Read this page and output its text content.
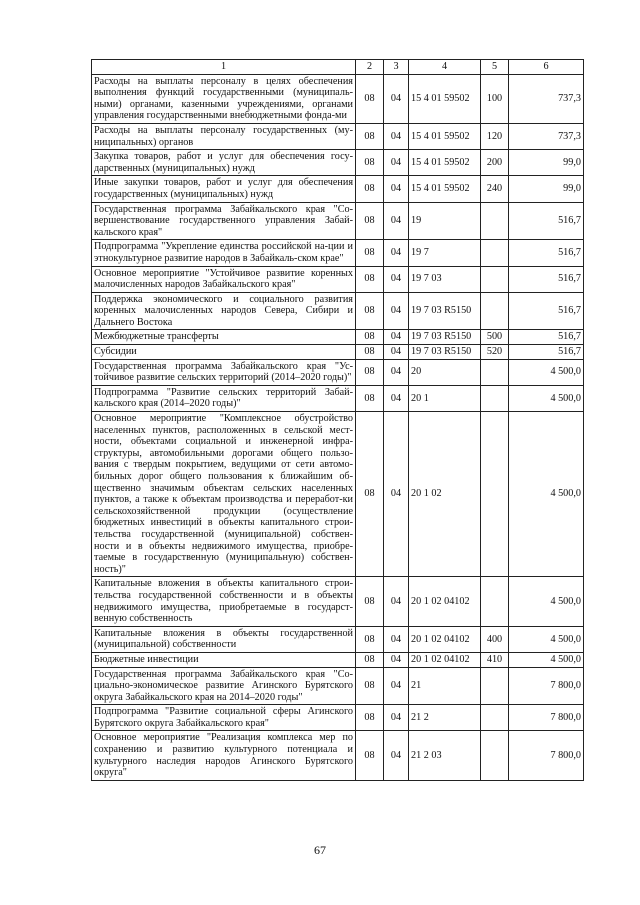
1	2	3	4	5	6
Расходы на выплаты персоналу в целях обеспечения выполнения функций государственными (муниципаль-ными) органами, казенными учреждениями, органами управления государственными внебюджетными фонда-ми	08	04	15 4 01 59502	100	737,3
Расходы на выплаты персоналу государственных (му-ниципальных) органов	08	04	15 4 01 59502	120	737,3
Закупка товаров, работ и услуг для обеспечения госу-дарственных (муниципальных) нужд	08	04	15 4 01 59502	200	99,0
Иные закупки товаров, работ и услуг для обеспечения государственных (муниципальных) нужд	08	04	15 4 01 59502	240	99,0
Государственная программа Забайкальского края "Со-вершенствование государственного управления Забай-кальского края"	08	04	19		516,7
Подпрограмма "Укрепление единства российской на-ции и этнокультурное развитие народов в Забайкаль-ском крае"	08	04	19 7		516,7
Основное мероприятие "Устойчивое развитие коренных малочисленных народов Забайкальского края"	08	04	19 7 03		516,7
Поддержка экономического и социального развития коренных малочисленных народов Севера, Сибири и Дальнего Востока	08	04	19 7 03 R5150		516,7
Межбюджетные трансферты	08	04	19 7 03 R5150	500	516,7
Субсидии	08	04	19 7 03 R5150	520	516,7
Государственная программа Забайкальского края "Ус-тойчивое развитие сельских территорий (2014–2020 годы)"	08	04	20		4 500,0
Подпрограмма "Развитие сельских территорий Забай-кальского края (2014–2020 годы)"	08	04	20 1		4 500,0
Основное мероприятие "Комплексное обустройство населенных пунктов, расположенных в сельской мест-ности, объектами социальной и инженерной инфра-структуры, автомобильными дорогами общего пользо-вания с твердым покрытием, ведущими от сети автомо-бильных дорог общего пользования к ближайшим об-щественно значимым объектам сельских населенных пунктов, а также к объектам производства и переработ-ки сельскохозяйственной продукции (осуществление бюджетных инвестиций в объекты капитального строи-тельства государственной (муниципальной) собствен-ности и в объекты недвижимого имущества, приобре-таемые в государственную (муниципальную) собствен-ность)"	08	04	20 1 02		4 500,0
Капитальные вложения в объекты капитального строи-тельства государственной собственности и в объекты недвижимого имущества, приобретаемые в государст-венную собственность	08	04	20 1 02 04102		4 500,0
Капитальные вложения в объекты государственной (муниципальной) собственности	08	04	20 1 02 04102	400	4 500,0
Бюджетные инвестиции	08	04	20 1 02 04102	410	4 500,0
Государственная программа Забайкальского края "Со-циально-экономическое развитие Агинского Бурятского округа Забайкальского края на 2014–2020 годы"	08	04	21		7 800,0
Подпрограмма "Развитие социальной сферы Агинского Бурятского округа Забайкальского края"	08	04	21 2		7 800,0
Основное мероприятие "Реализация комплекса мер по сохранению и развитию культурного потенциала и культурного наследия народов Агинского Бурятского округа"	08	04	21 2 03		7 800,0
67
